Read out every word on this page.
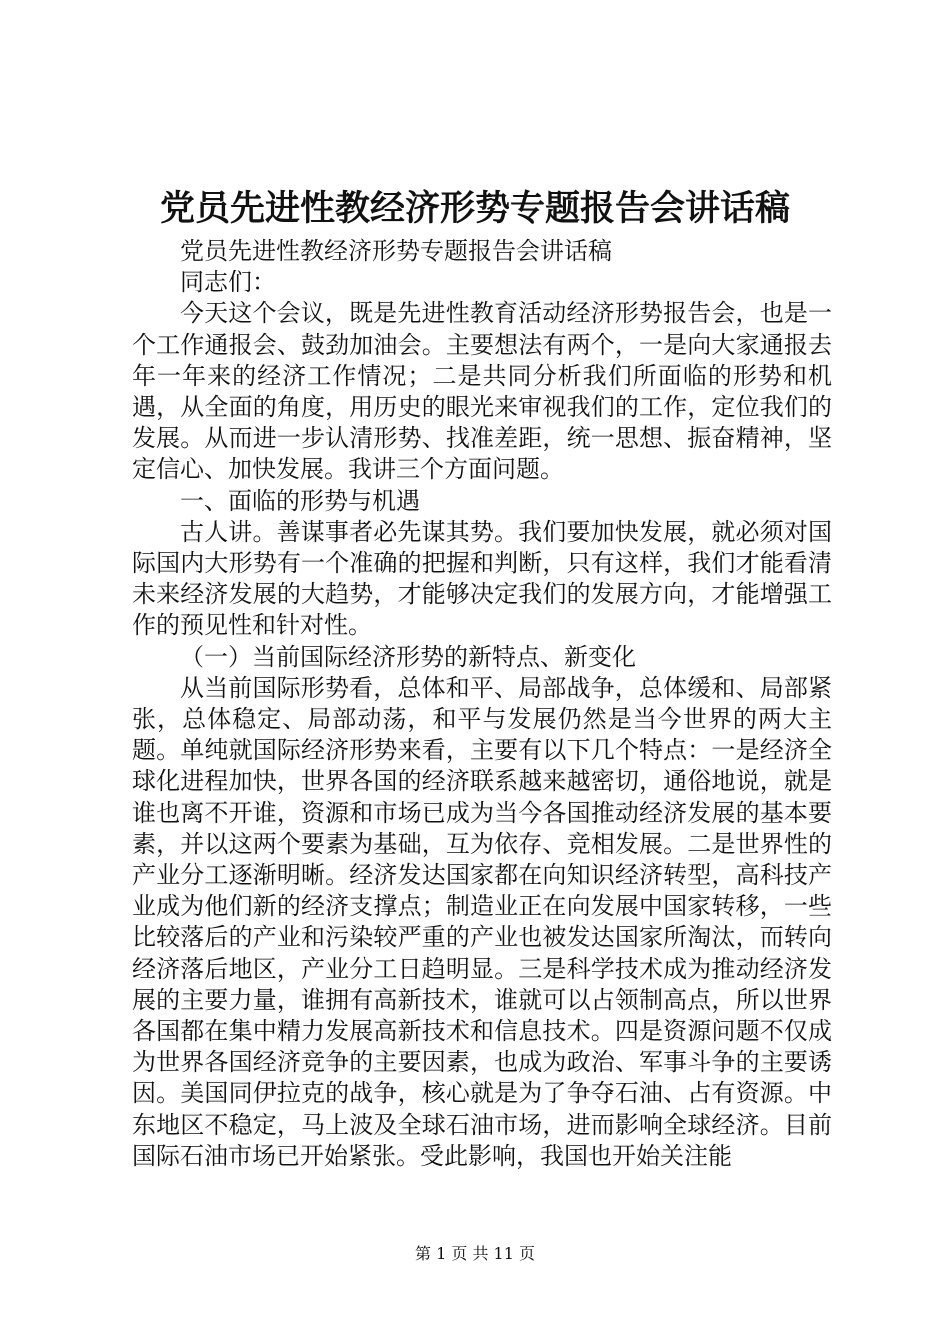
党员先进性教经济形势专题报告会讲话稿

党员先进性教经济形势专题报告会讲话稿

同志们：

今天这个会议，既是先进性教育活动经济形势报告会，也是一个工作通报会、鼓劲加油会。主要想法有两个，一是向大家通报去年一年来的经济工作情况；二是共同分析我们所面临的形势和机遇，从全面的角度，用历史的眼光来审视我们的工作，定位我们的发展。从而进一步认清形势、找准差距，统一思想、振奋精神，坚定信心、加快发展。我讲三个方面问题。

一、面临的形势与机遇

古人讲。善谋事者必先谋其势。我们要加快发展，就必须对国际国内大形势有一个准确的把握和判断，只有这样，我们才能看清未来经济发展的大趋势，才能够决定我们的发展方向，才能增强工作的预见性和针对性。

（一）当前国际经济形势的新特点、新变化

从当前国际形势看，总体和平、局部战争，总体缓和、局部紧张，总体稳定、局部动荡，和平与发展仍然是当今世界的两大主题。单纯就国际经济形势来看，主要有以下几个特点：一是经济全球化进程加快，世界各国的经济联系越来越密切，通俗地说，就是谁也离不开谁，资源和市场已成为当今各国推动经济发展的基本要素，并以这两个要素为基础，互为依存、竞相发展。二是世界性的产业分工逐渐明晰。经济发达国家都在向知识经济转型，高科技产业成为他们新的经济支撑点；制造业正在向发展中国家转移，一些比较落后的产业和污染较严重的产业也被发达国家所淘汰，而转向经济落后地区，产业分工日趋明显。三是科学技术成为推动经济发展的主要力量，谁拥有高新技术，谁就可以占领制高点，所以世界各国都在集中精力发展高新技术和信息技术。四是资源问题不仅成为世界各国经济竞争的主要因素，也成为政治、军事斗争的主要诱因。美国同伊拉克的战争，核心就是为了争夺石油、占有资源。中东地区不稳定，马上波及全球石油市场，进而影响全球经济。目前国际石油市场已开始紧张。受此影响，我国也开始关注能

第 1 页 共 11 页
